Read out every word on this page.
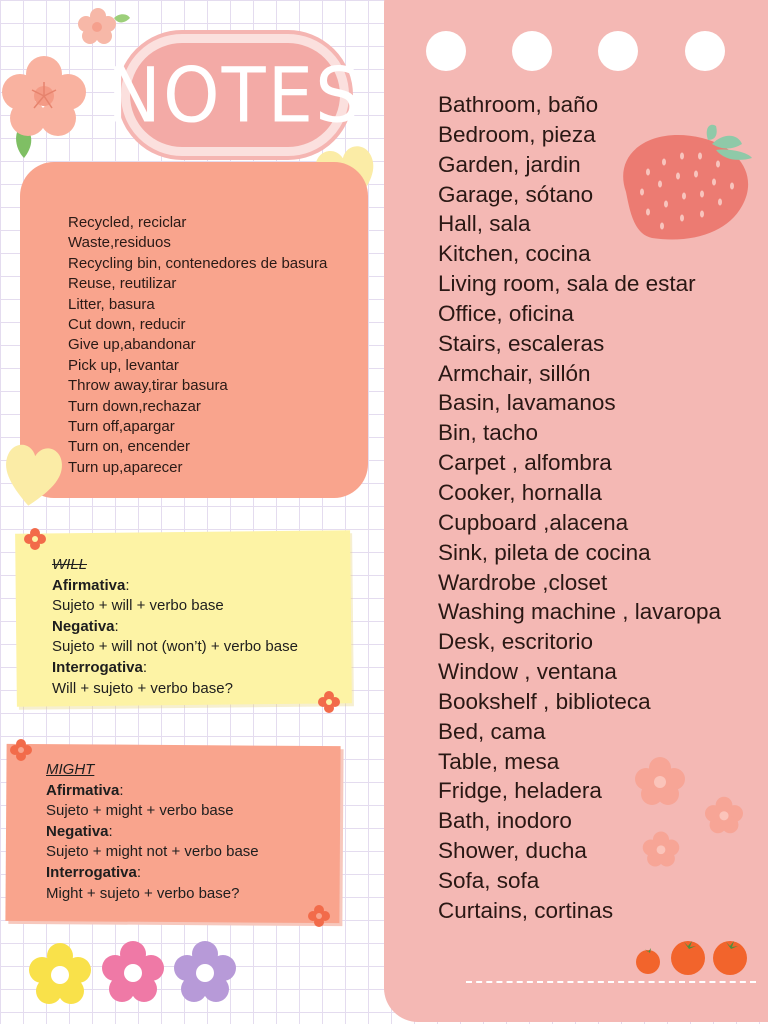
NOTES
Recycled, reciclar
Waste,residuos
Recycling bin, contenedores de basura
Reuse, reutilizar
Litter, basura
Cut down, reducir
Give up,abandonar
Pick up, levantar
Throw away,tirar basura
Turn down,rechazar
Turn off,apargar
Turn on, encender
Turn up,aparecer
WILL
Afirmativa:
Sujeto + will + verbo base
Negativa:
Sujeto + will not (won’t) + verbo base
Interrogativa:
Will + sujeto + verbo base?
MIGHT
Afirmativa:
Sujeto + might + verbo base
Negativa:
Sujeto + might not + verbo base
Interrogativa:
Might + sujeto + verbo base?
Bathroom, baño
Bedroom, pieza
Garden, jardin
Garage, sótano
Hall, sala
Kitchen, cocina
Living room, sala de estar
Office, oficina
Stairs, escaleras
Armchair, sillón
Basin, lavamanos
Bin, tacho
Carpet , alfombra
Cooker, hornalla
Cupboard ,alacena
Sink, pileta de cocina
Wardrobe ,closet
Washing machine , lavaropa
Desk, escritorio
Window , ventana
Bookshelf , biblioteca
Bed, cama
Table, mesa
Fridge, heladera
Bath, inodoro
Shower, ducha
Sofa, sofa
Curtains, cortinas
